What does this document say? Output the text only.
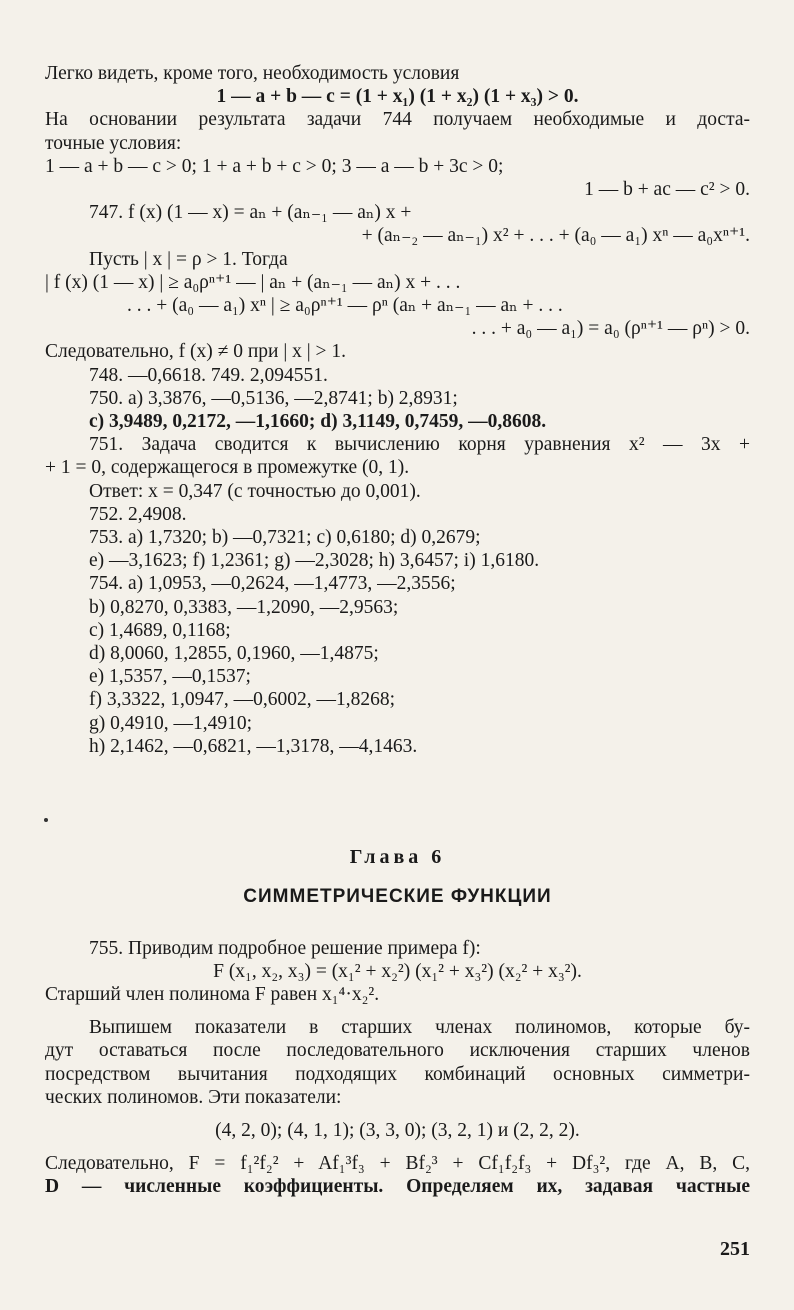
Легко видеть, кроме того, необходимость условия
1 — a + b — c = (1 + x₁) (1 + x₂) (1 + x₃) > 0.
На основании результата задачи 744 получаем необходимые и доста-
точные условия:
1 — a + b — c > 0; 1 + a + b + c > 0; 3 — a — b + 3c > 0;
1 — b + ac — c² > 0.
747. f (x) (1 — x) = aₙ + (aₙ₋₁ — aₙ) x +
+ (aₙ₋₂ — aₙ₋₁) x² + . . . + (a₀ — a₁) xⁿ — a₀xⁿ⁺¹.
Пусть | x | = ρ > 1. Тогда
| f (x) (1 — x) | ≥ a₀ρⁿ⁺¹ — | aₙ + (aₙ₋₁ — aₙ) x + . . .
. . . + (a₀ — a₁) xⁿ | ≥ a₀ρⁿ⁺¹ — ρⁿ (aₙ + aₙ₋₁ — aₙ + . . .
. . . + a₀ — a₁) = a₀ (ρⁿ⁺¹ — ρⁿ) > 0.
Следовательно, f (x) ≠ 0 при | x | > 1.
748. —0,6618. 749. 2,094551.
750. a) 3,3876, —0,5136, —2,8741; b) 2,8931;
c) 3,9489, 0,2172, —1,1660; d) 3,1149, 0,7459, —0,8608.
751. Задача сводится к вычислению корня уравнения x² — 3x +
+ 1 = 0, содержащегося в промежутке (0, 1).
Ответ: x = 0,347 (с точностью до 0,001).
752. 2,4908.
753. a) 1,7320; b) —0,7321; c) 0,6180; d) 0,2679;
e) —3,1623; f) 1,2361; g) —2,3028; h) 3,6457; i) 1,6180.
754. a) 1,0953, —0,2624, —1,4773, —2,3556;
b) 0,8270, 0,3383, —1,2090, —2,9563;
c) 1,4689, 0,1168;
d) 8,0060, 1,2855, 0,1960, —1,4875;
e) 1,5357, —0,1537;
f) 3,3322, 1,0947, —0,6002, —1,8268;
g) 0,4910, —1,4910;
h) 2,1462, —0,6821, —1,3178, —4,1463.
Глава 6
СИММЕТРИЧЕСКИЕ ФУНКЦИИ
755. Приводим подробное решение примера f):
F (x₁, x₂, x₃) = (x₁² + x₂²) (x₁² + x₃²) (x₂² + x₃²).
Старший член полинома F равен x₁⁴·x₂².
Выпишем показатели в старших членах полиномов, которые бу-
дут оставаться после последовательного исключения старших членов
посредством вычитания подходящих комбинаций основных симметри-
ческих полиномов. Эти показатели:
(4, 2, 0); (4, 1, 1); (3, 3, 0); (3, 2, 1) и (2, 2, 2).
Следовательно, F = f₁²f₂² + Af₁³f₃ + Bf₂³ + Cf₁f₂f₃ + Df₃², где A, B, C,
D — численные коэффициенты. Определяем их, задавая частные
251
